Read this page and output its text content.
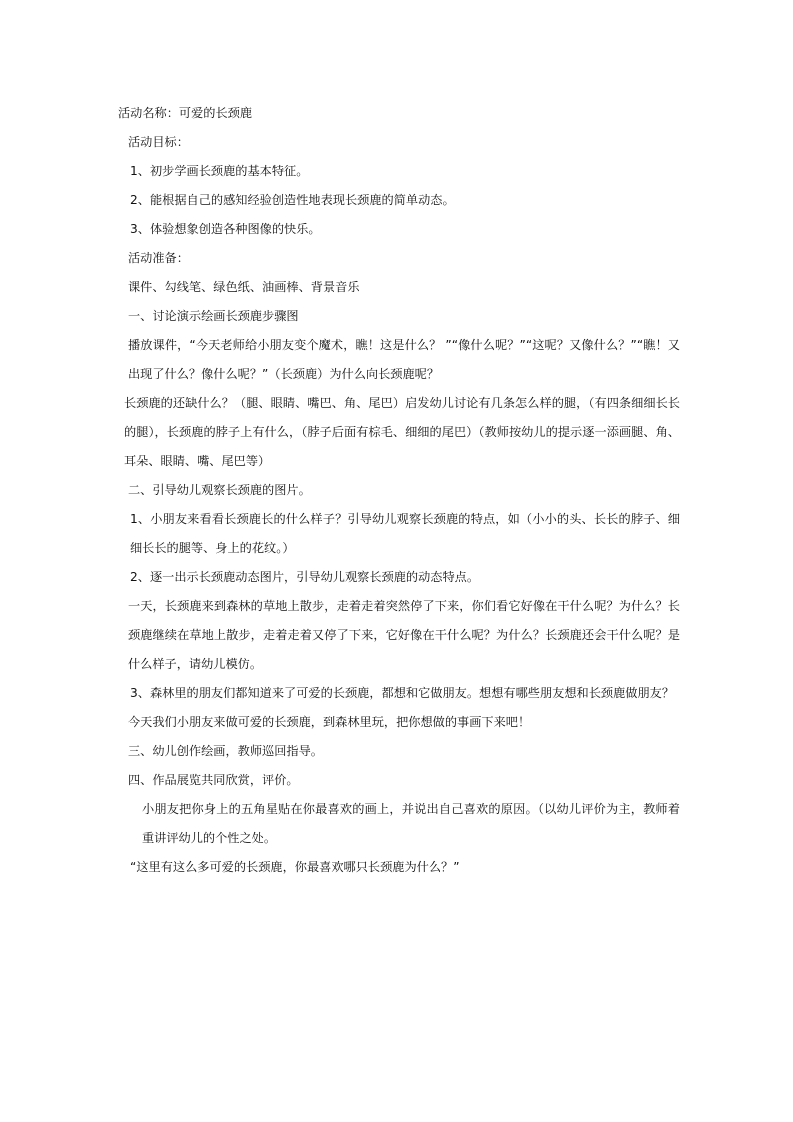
活动名称：可爱的长颈鹿

活动目标：

1、初步学画长颈鹿的基本特征。

2、能根据自己的感知经验创造性地表现长颈鹿的简单动态。

3、体验想象创造各种图像的快乐。

活动准备：

课件、勾线笔、绿色纸、油画棒、背景音乐

一、讨论演示绘画长颈鹿步骤图

播放课件，“今天老师给小朋友变个魔术，瞧！这是什么？ ”“像什么呢？”“这呢？又像什么？”“瞧！又出现了什么？像什么呢？”（长颈鹿）为什么向长颈鹿呢？

长颈鹿的还缺什么？（腿、眼睛、嘴巴、角、尾巴）启发幼儿讨论有几条怎么样的腿，（有四条细细长长的腿），长颈鹿的脖子上有什么，（脖子后面有棕毛、细细的尾巴）（教师按幼儿的提示逐一添画腿、角、耳朵、眼睛、嘴、尾巴等）

二、引导幼儿观察长颈鹿的图片。

1、小朋友来看看长颈鹿长的什么样子？引导幼儿观察长颈鹿的特点，如（小小的头、长长的脖子、细细长长的腿等、身上的花纹。）

2、逐一出示长颈鹿动态图片，引导幼儿观察长颈鹿的动态特点。

一天，长颈鹿来到森林的草地上散步，走着走着突然停了下来，你们看它好像在干什么呢？为什么？长颈鹿继续在草地上散步，走着走着又停了下来，它好像在干什么呢？为什么？长颈鹿还会干什么呢？是什么样子，请幼儿模仿。

3、森林里的朋友们都知道来了可爱的长颈鹿，都想和它做朋友。想想有哪些朋友想和长颈鹿做朋友？

今天我们小朋友来做可爱的长颈鹿，到森林里玩，把你想做的事画下来吧！

三、幼儿创作绘画，教师巡回指导。

四、作品展览共同欣赏，评价。

小朋友把你身上的五角星贴在你最喜欢的画上，并说出自己喜欢的原因。（以幼儿评价为主，教师着重讲评幼儿的个性之处。

“这里有这么多可爱的长颈鹿，你最喜欢哪只长颈鹿为什么？”
